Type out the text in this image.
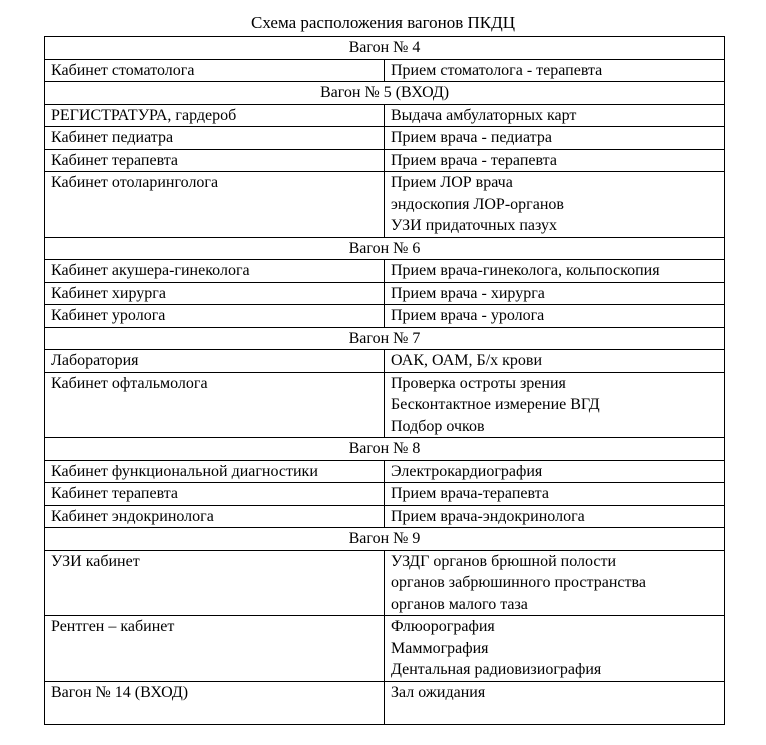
Схема расположения вагонов ПКДЦ
Вагон № 4	
Кабинет стоматолога	Прием стоматолога - терапевта

Вагон № 5 (ВХОД)	
РЕГИСТРАТУРА, гардероб	Выдача амбулаторных карт

Кабинет педиатра	Прием врача - педиатра

Кабинет терапевта	Прием врача - терапевта

Кабинет отоларинголога	Прием ЛОР врача
эндоскопия ЛОР-органов
УЗИ придаточных пазух

Вагон № 6	
Кабинет акушера-гинеколога	Прием врача-гинеколога, кольпоскопия

Кабинет хирурга	Прием врача - хирурга

Кабинет уролога	Прием врача - уролога

Вагон № 7	
Лаборатория	ОАК, ОАМ, Б/х крови

Кабинет офтальмолога	Проверка остроты зрения
Бесконтактное измерение ВГД
Подбор очков

Вагон № 8	
Кабинет функциональной диагностики	Электрокардиография

Кабинет терапевта	Прием врача-терапевта

Кабинет эндокринолога	Прием врача-эндокринолога

Вагон № 9	
УЗИ кабинет	УЗДГ органов брюшной полости
органов забрюшинного пространства
органов малого таза

Рентген – кабинет	Флюорография
Маммография
Дентальная радиовизиография

Вагон № 14 (ВХОД)	Зал ожидания
